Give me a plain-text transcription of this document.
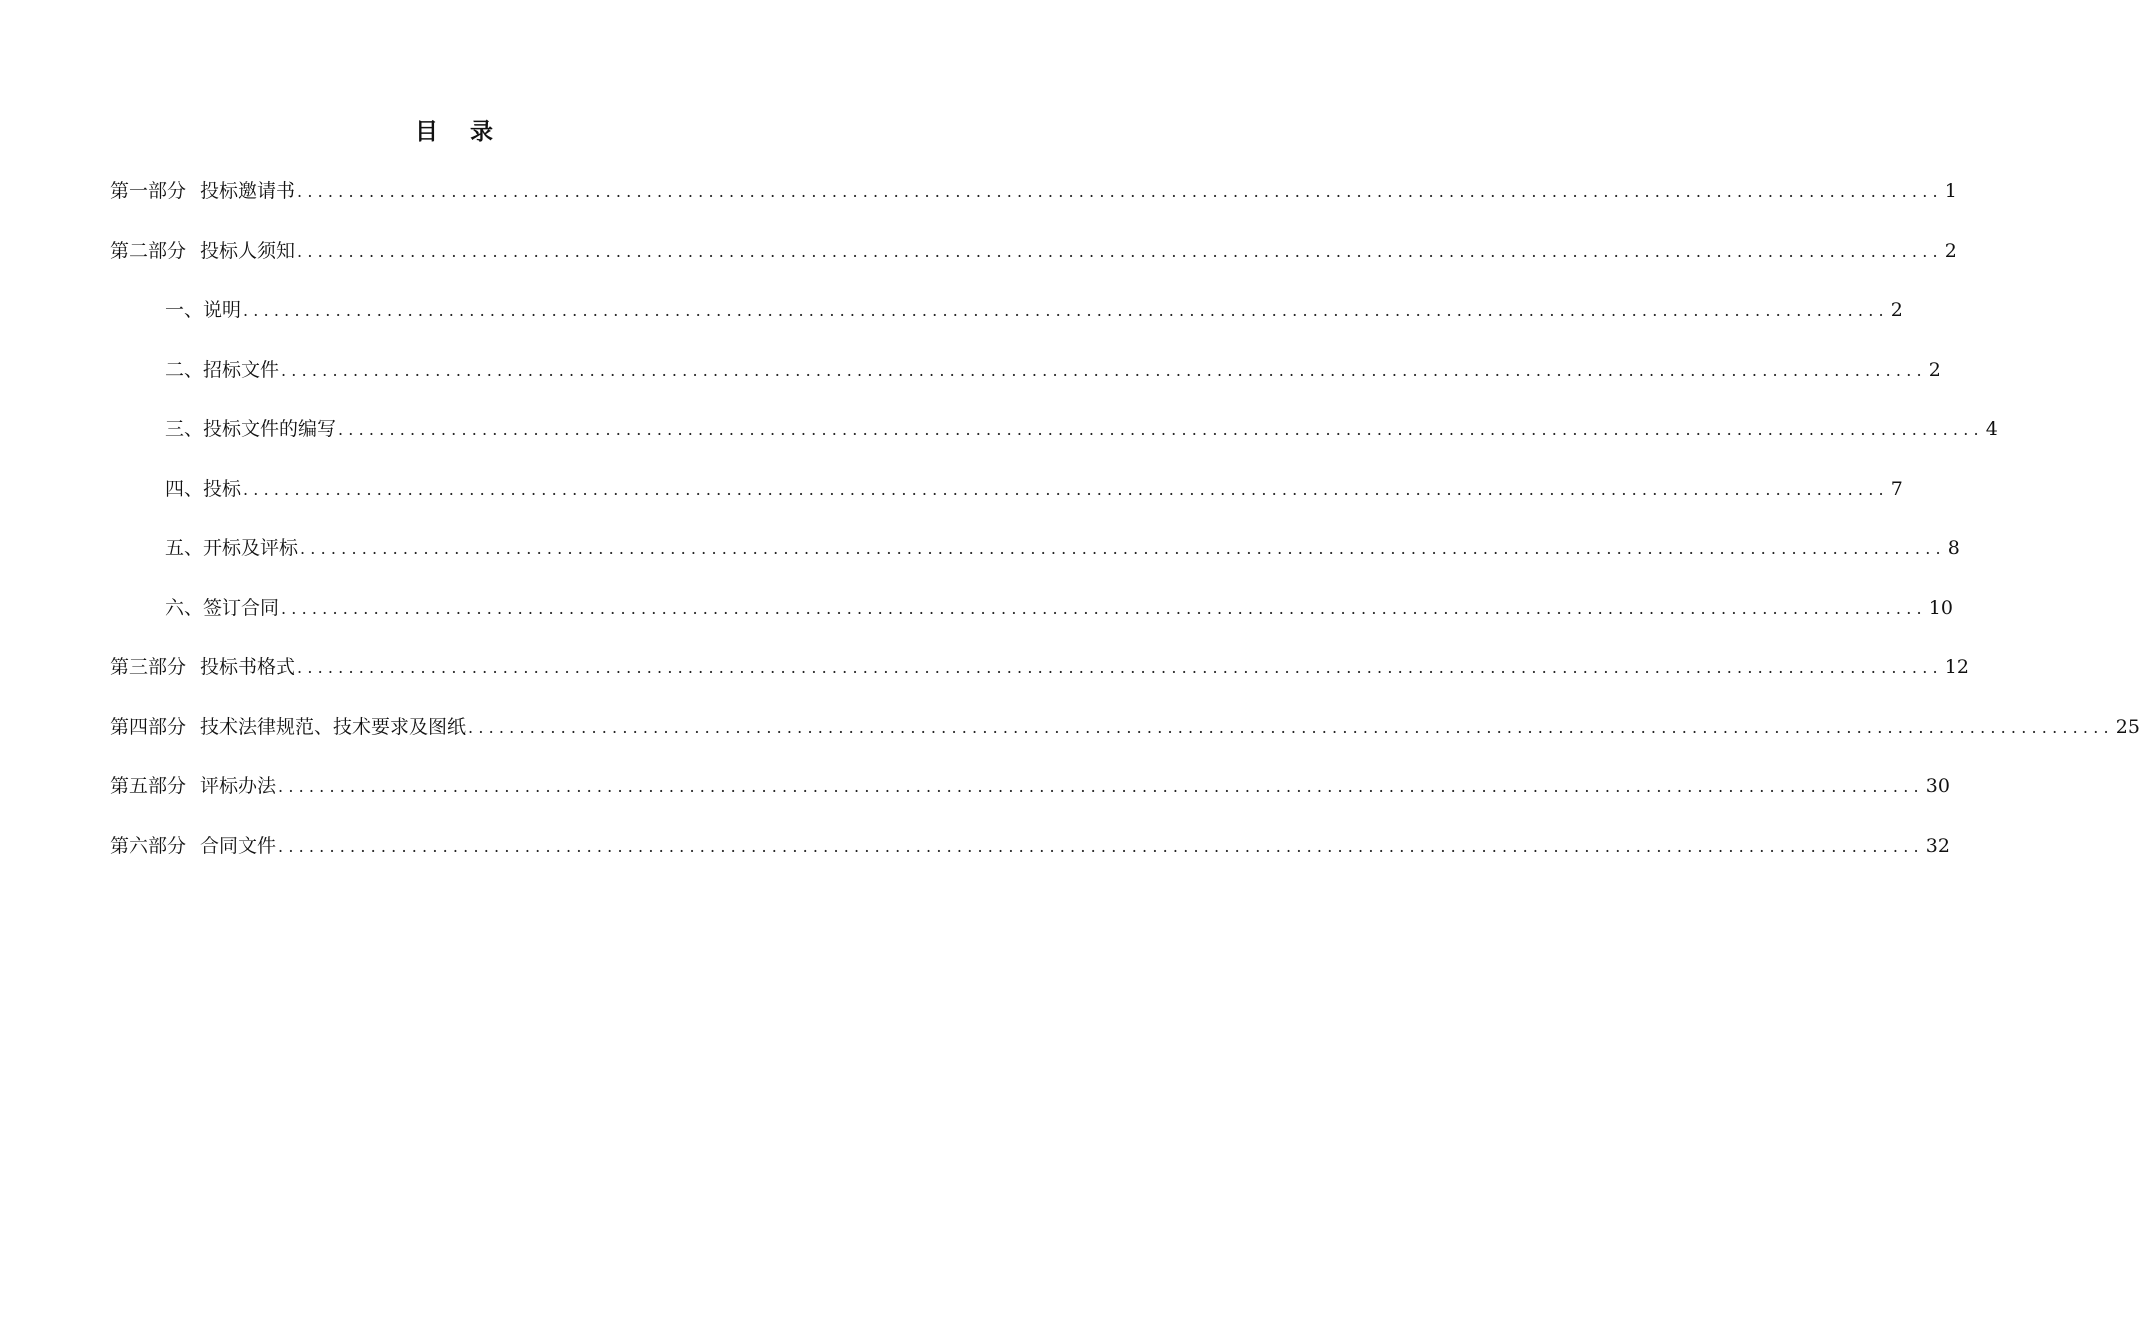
目 录
第一部分 投标邀请书 ................................................................................................................................................................ 1
第二部分 投标人须知 ................................................................................................................................................................ 2
一、说明 ................................................................................................................................................................ 2
二、招标文件 ................................................................................................................................................................ 2
三、投标文件的编写 ................................................................................................................................................................ 4
四、投标 ................................................................................................................................................................ 7
五、开标及评标 ................................................................................................................................................................ 8
六、签订合同 ................................................................................................................................................................ 10
第三部分 投标书格式 ................................................................................................................................................................ 12
第四部分 技术法律规范、技术要求及图纸 ................................................................................................................................................................ 25
第五部分 评标办法 ................................................................................................................................................................ 30
第六部分 合同文件 ................................................................................................................................................................ 32
